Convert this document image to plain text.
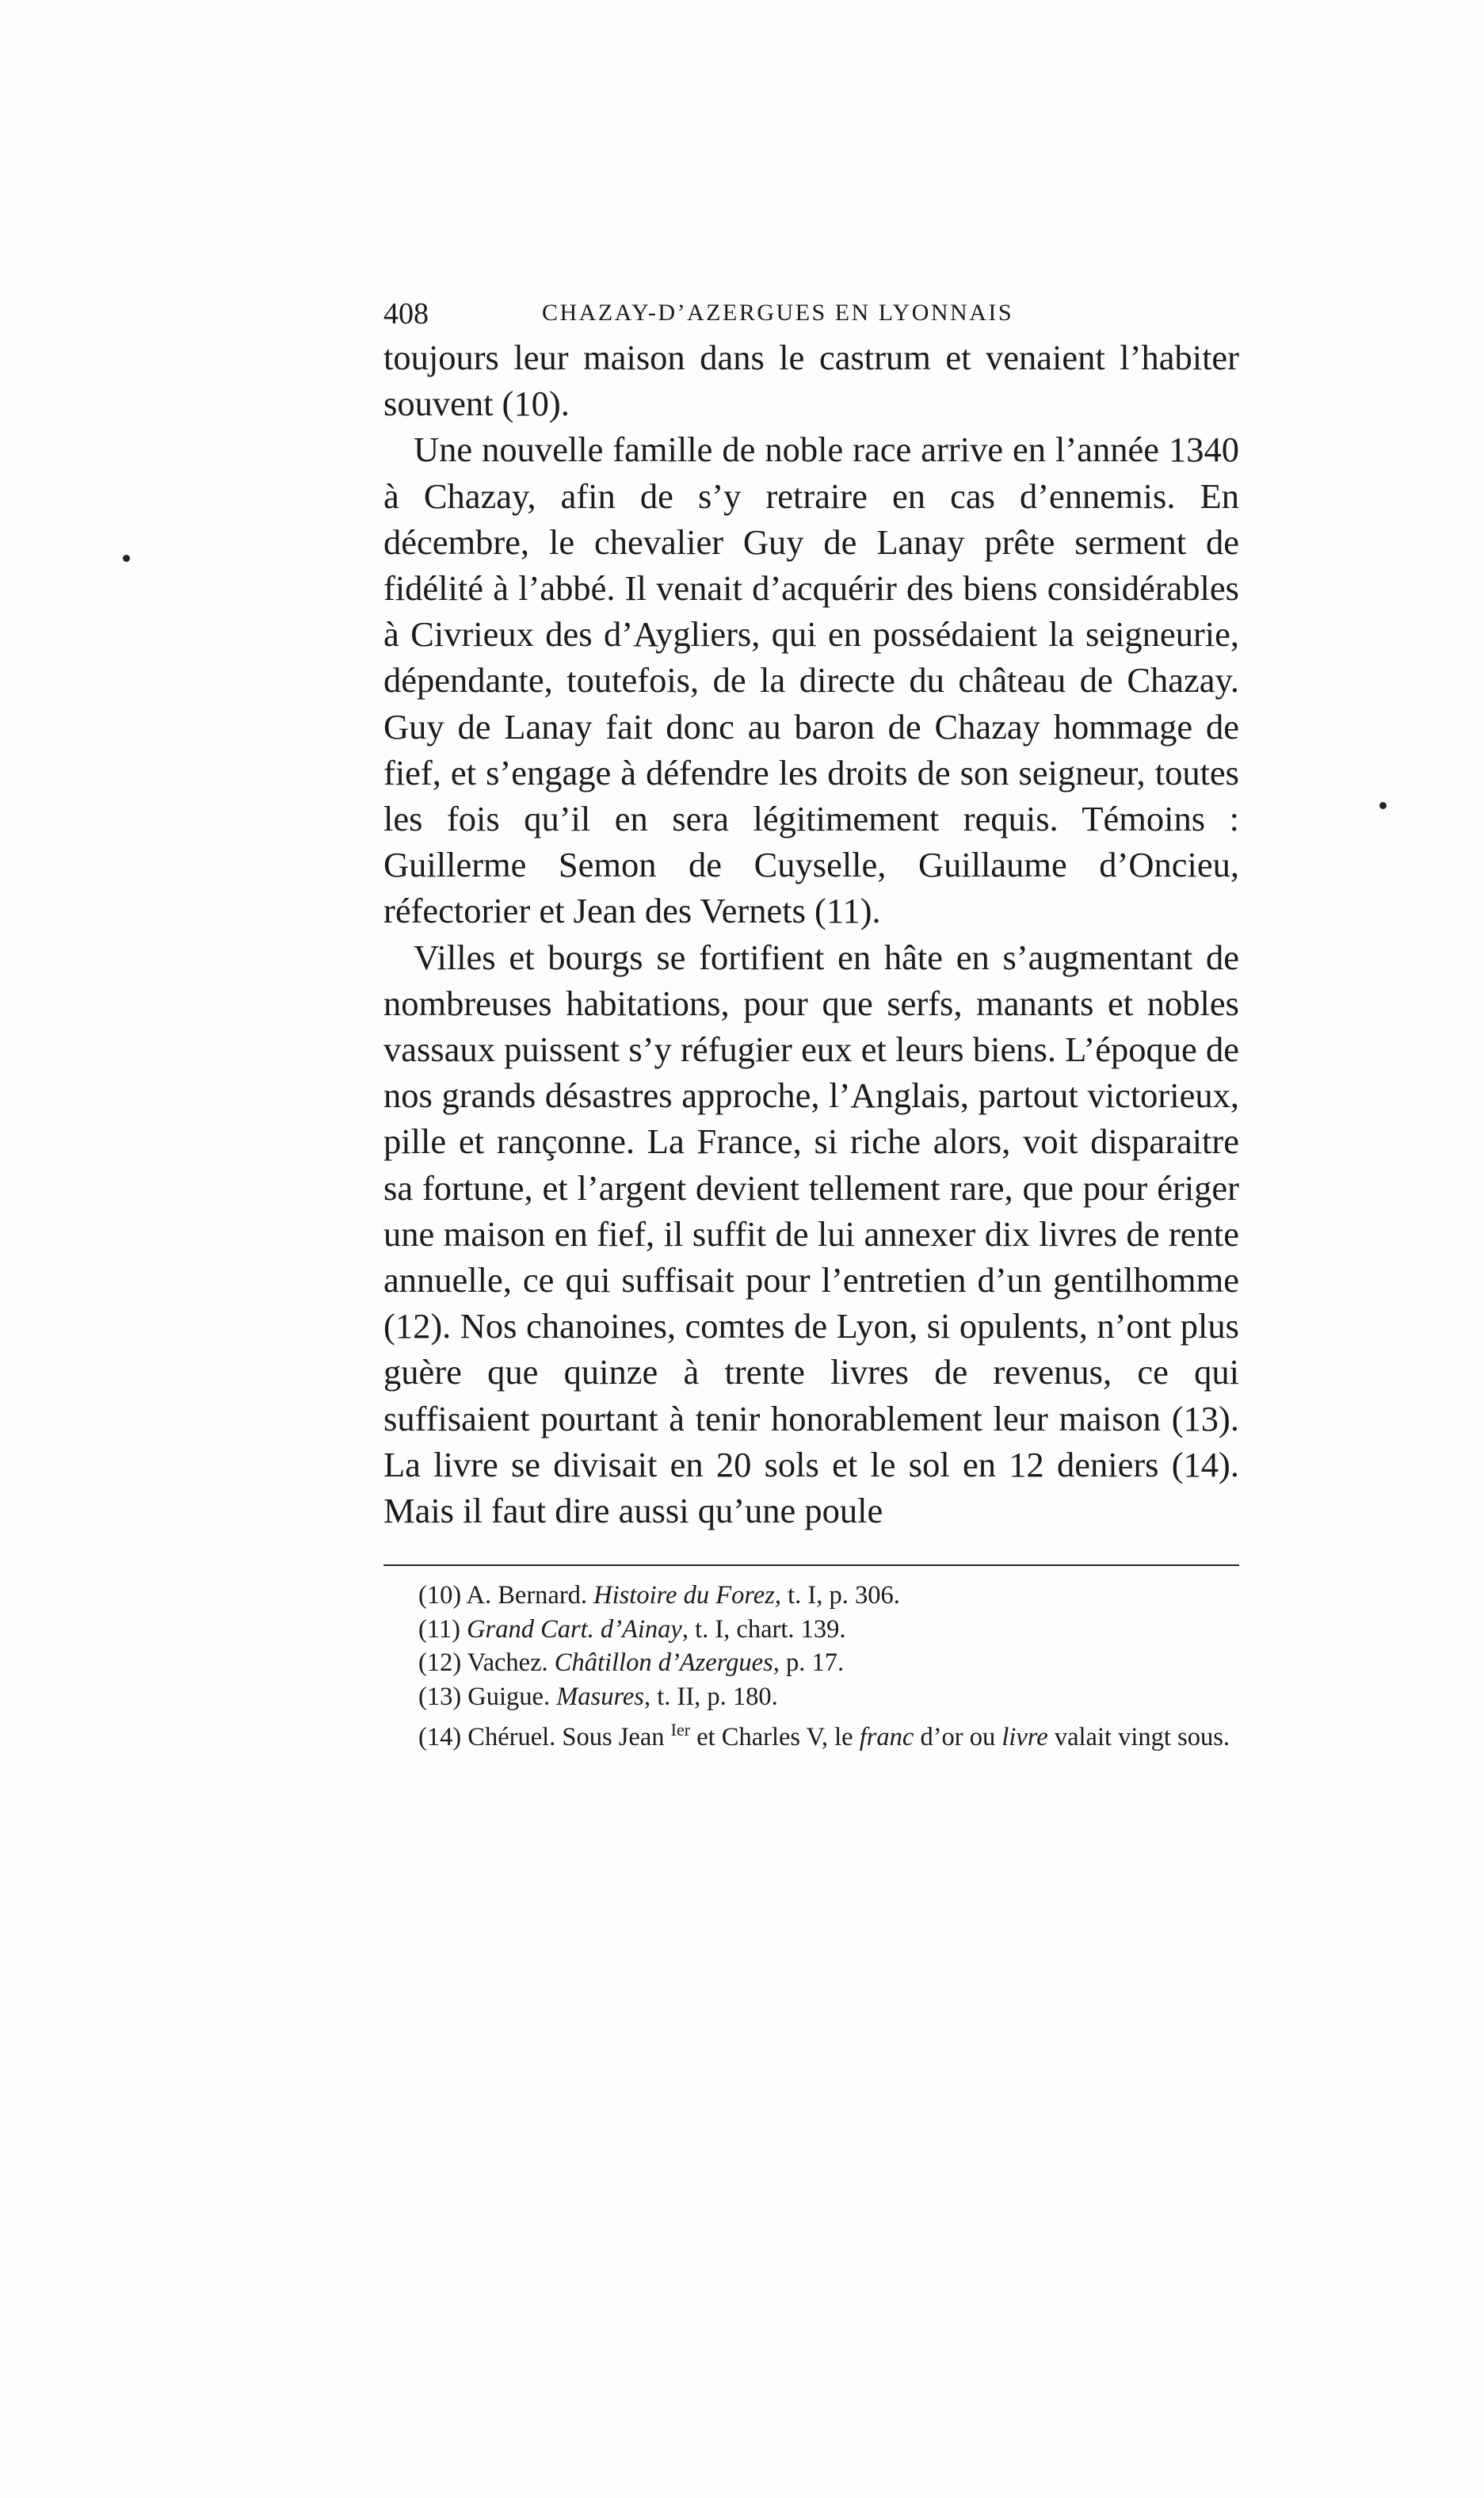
408	CHAZAY-D’AZERGUES EN LYONNAIS

toujours leur maison dans le castrum et venaient l’habiter souvent (10).

Une nouvelle famille de noble race arrive en l’année 1340 à Chazay, afin de s’y retraire en cas d’ennemis. En décembre, le chevalier Guy de Lanay prête serment de fidélité à l’abbé. Il venait d’acquérir des biens considérables à Civrieux des d’Aygliers, qui en possédaient la seigneurie, dépendante, toutefois, de la directe du château de Chazay. Guy de Lanay fait donc au baron de Chazay hommage de fief, et s’engage à défendre les droits de son seigneur, toutes les fois qu’il en sera légitimement requis. Témoins : Guillerme Semon de Cuyselle, Guillaume d’Oncieu, réfectorier et Jean des Vernets (11).

Villes et bourgs se fortifient en hâte en s’augmentant de nombreuses habitations, pour que serfs, manants et nobles vassaux puissent s’y réfugier eux et leurs biens. L’époque de nos grands désastres approche, l’Anglais, partout victorieux, pille et rançonne. La France, si riche alors, voit disparaitre sa fortune, et l’argent devient tellement rare, que pour ériger une maison en fief, il suffit de lui annexer dix livres de rente annuelle, ce qui suffisait pour l’entretien d’un gentilhomme (12). Nos chanoines, comtes de Lyon, si opulents, n’ont plus guère que quinze à trente livres de revenus, ce qui suffisaient pourtant à tenir honorablement leur maison (13). La livre se divisait en 20 sols et le sol en 12 deniers (14). Mais il faut dire aussi qu’une poule

(10) A. Bernard. Histoire du Forez, t. I, p. 306.

(11) Grand Cart. d’Ainay, t. I, chart. 139.

(12) Vachez. Châtillon d’Azergues, p. 17.

(13) Guigue. Masures, t. II, p. 180.

(14) Chéruel. Sous Jean $^{Ier}$ et Charles V, le franc d’or ou livre valait vingt sous.
